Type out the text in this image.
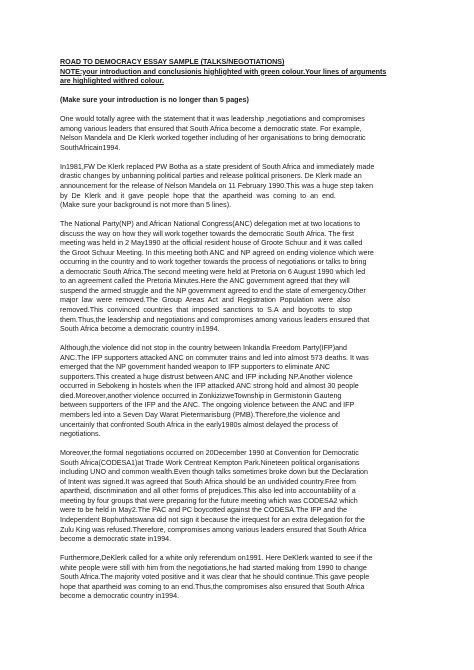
ROAD TO DEMOCRACY ESSAY SAMPLE (TALKS/NEGOTIATIONS)

NOTE:your introduction and conclusionis highlighted with green colour.Your lines of arguments

are highlighted withred colour.

(Make sure your introduction is no longer than 5 pages)

One would totally agree with the statement that it was leadership ,negotiations and compromises
among various leaders that ensured that South Africa become a democratic state. For example,
Nelson Mandela and De Klerk worked together including of her organisations to bring democratic
SouthAfricain1994.
In1981,FW De Klerk replaced PW Botha as a state president of South Africa and immediately made
drastic changes by unbanning political parties and release political prisoners. De Klerk made an
announcement for the release of Nelson Mandela on 11 February 1990.This was a huge step taken
by  De  Klerk  and  it  gave  people  hope  that  the  apartheid  was  coming  to  an  end.
(Make sure your background is not more than 5 lines).
The National Party(NP) and African National Congress(ANC) delegation met at two locations to
discuss the way on how they will work together towards the democratic South Africa. The first
meeting was held in 2 May1990 at the official resident house of Groote Schuur and it was called
the Groot Schuur Meeting. In this meeting both ANC and NP agreed on ending violence which were
occurring in the country and to work together towards the process of negotiations or talks to bring
a democratic South Africa.The second meeting were held at Pretoria on 6 August 1990 which led
to an agreement called the Pretoria Minutes.Here the ANC government agreed that they will
suspend the armed struggle and the NP government agreed to end the state of emergency.Other
major  law  were  removed.The  Group  Areas  Act  and  Registration  Population  were  also
removed.This  convinced  countries  that  imposed  sanctions  to  S.A  and  boycotts  to  stop
them.Thus,the leadership and negotiations and compromises among various leaders ensured that
South Africa become a democratic country in1994.
Although,the violence did not stop in the country between Inkandla Freedom Party(IFP)and
ANC.The IFP supporters attacked ANC on commuter trains and led into almost 573 deaths. It was
emerged that the NP government handed weapon to IFP supporters to eliminate ANC
supporters.This created a huge distrust between ANC and IFP including NP.Another violence
occurred in Sebokeng in hostels when the IFP attacked ANC strong hold and almost 30 people
died.Moreover,another violence occurred in ZonkizizweTownship in Germistonin Gauteng
between supporters of the IFP and the ANC. The ongoing violence between the ANC and IFP
members led into a Seven Day Warat Pietermarisburg (PMB).Therefore,the violence and
uncertainly that confronted South Africa in the early1980s almost delayed the process of
negotiations.
Moreover,the formal negotiations occurred on 20December 1990 at Convention for Democratic
South Africa(CODESA1)at Trade Work Centreat Kempton Park.Nineteen political organisations
including UNO and common wealth.Even though talks sometimes broke down but the Declaration
of Intent was signed.It was agreed that South Africa should be an undivided country.Free from
apartheid, discrimination and all other forms of prejudices.This also led into accountability of a
meeting by four groups that were preparing for the future meeting which was CODESA2 which
were to be held in May2.The PAC and PC boycotted against the CODESA.The IFP and the
Independent Bophuthatswana did not sign it because the irrequest for an extra delegation for the
Zulu King was refused.Therefore, compromises among various leaders ensured that South Africa
become a democratic state in1994.
Furthermore,DeKlerk called for a white only referendum on1991. Here DeKlerk wanted to see if the
white people were still with him from the negotiations,he had started making from 1990 to change
South Africa.The majority voted positive and it was clear that he should continue.This gave people
hope that apartheid was coming to an end.Thus,the compromises also ensured that South Africa
become a democratic country in1994.
